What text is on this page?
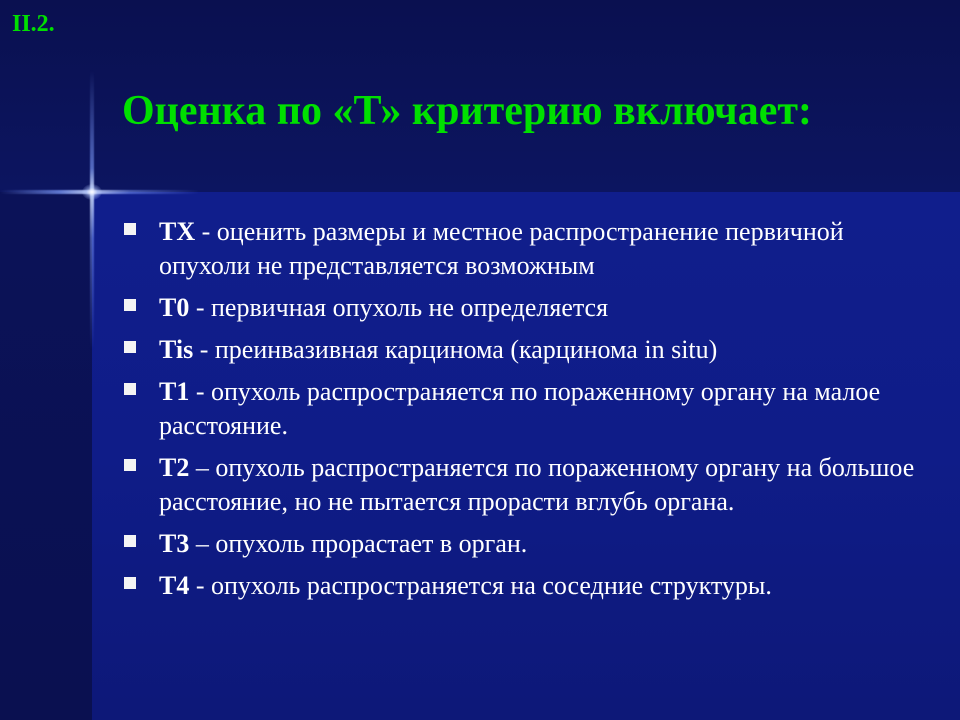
II.2.
Оценка по «Т» критерию включает:
TX - оценить размеры и местное распространение первичной опухоли не представляется возможным
T0 - первичная опухоль не определяется
Tis - преинвазивная карцинома (карцинома in situ)
T1 - опухоль распространяется по пораженному органу на малое расстояние.
T2 – опухоль распространяется по пораженному органу на большое расстояние, но не пытается прорасти вглубь органа.
T3 – опухоль прорастает в орган.
T4 - опухоль распространяется на соседние структуры.
